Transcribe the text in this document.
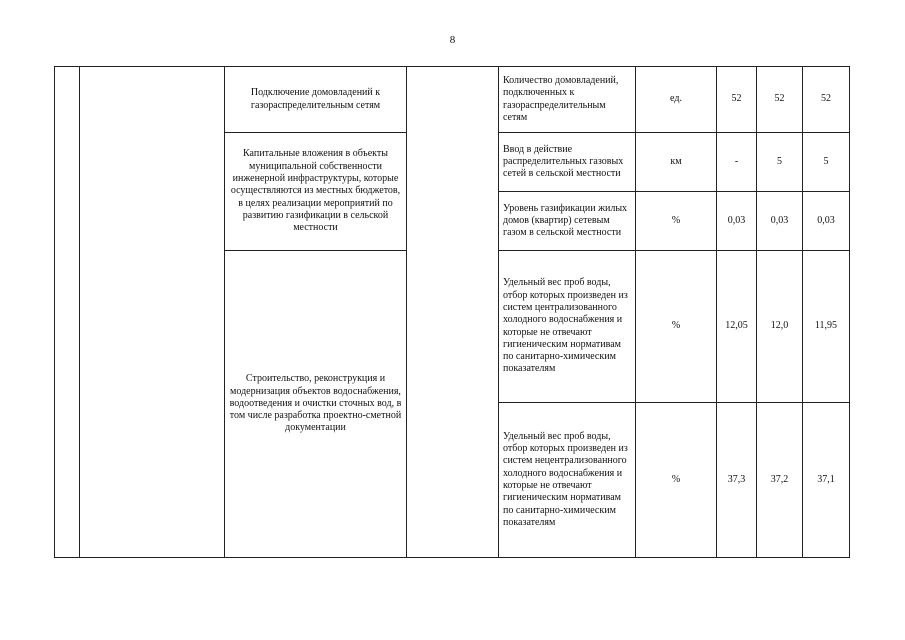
8
		Подключение домовладений к газораспределительным сетям		Количество домовладений, подключенных к газораспределительным сетям	ед.	52	52	52
		Капитальные вложения в объекты муниципальной собственности инженерной инфраструктуры, которые осуществляются из местных бюджетов, в целях реализации мероприятий по развитию газификации в сельской местности		Ввод в действие распределительных газовых сетей в сельской местности	км	-	5	5
				Уровень газификации жилых домов (квартир) сетевым газом в сельской местности	%	0,03	0,03	0,03
		Строительство, реконструкция и модернизация объектов водоснабжения, водоотведения и очистки сточных вод, в том числе разработка проектно-сметной документации		Удельный вес проб воды, отбор которых произведен из систем централизованного холодного водоснабжения и которые не отвечают гигиеническим нормативам по санитарно-химическим показателям	%	12,05	12,0	11,95
				Удельный вес проб воды, отбор которых произведен из систем нецентрализованного холодного водоснабжения и которые не отвечают гигиеническим нормативам по санитарно-химическим показателям	%	37,3	37,2	37,1
